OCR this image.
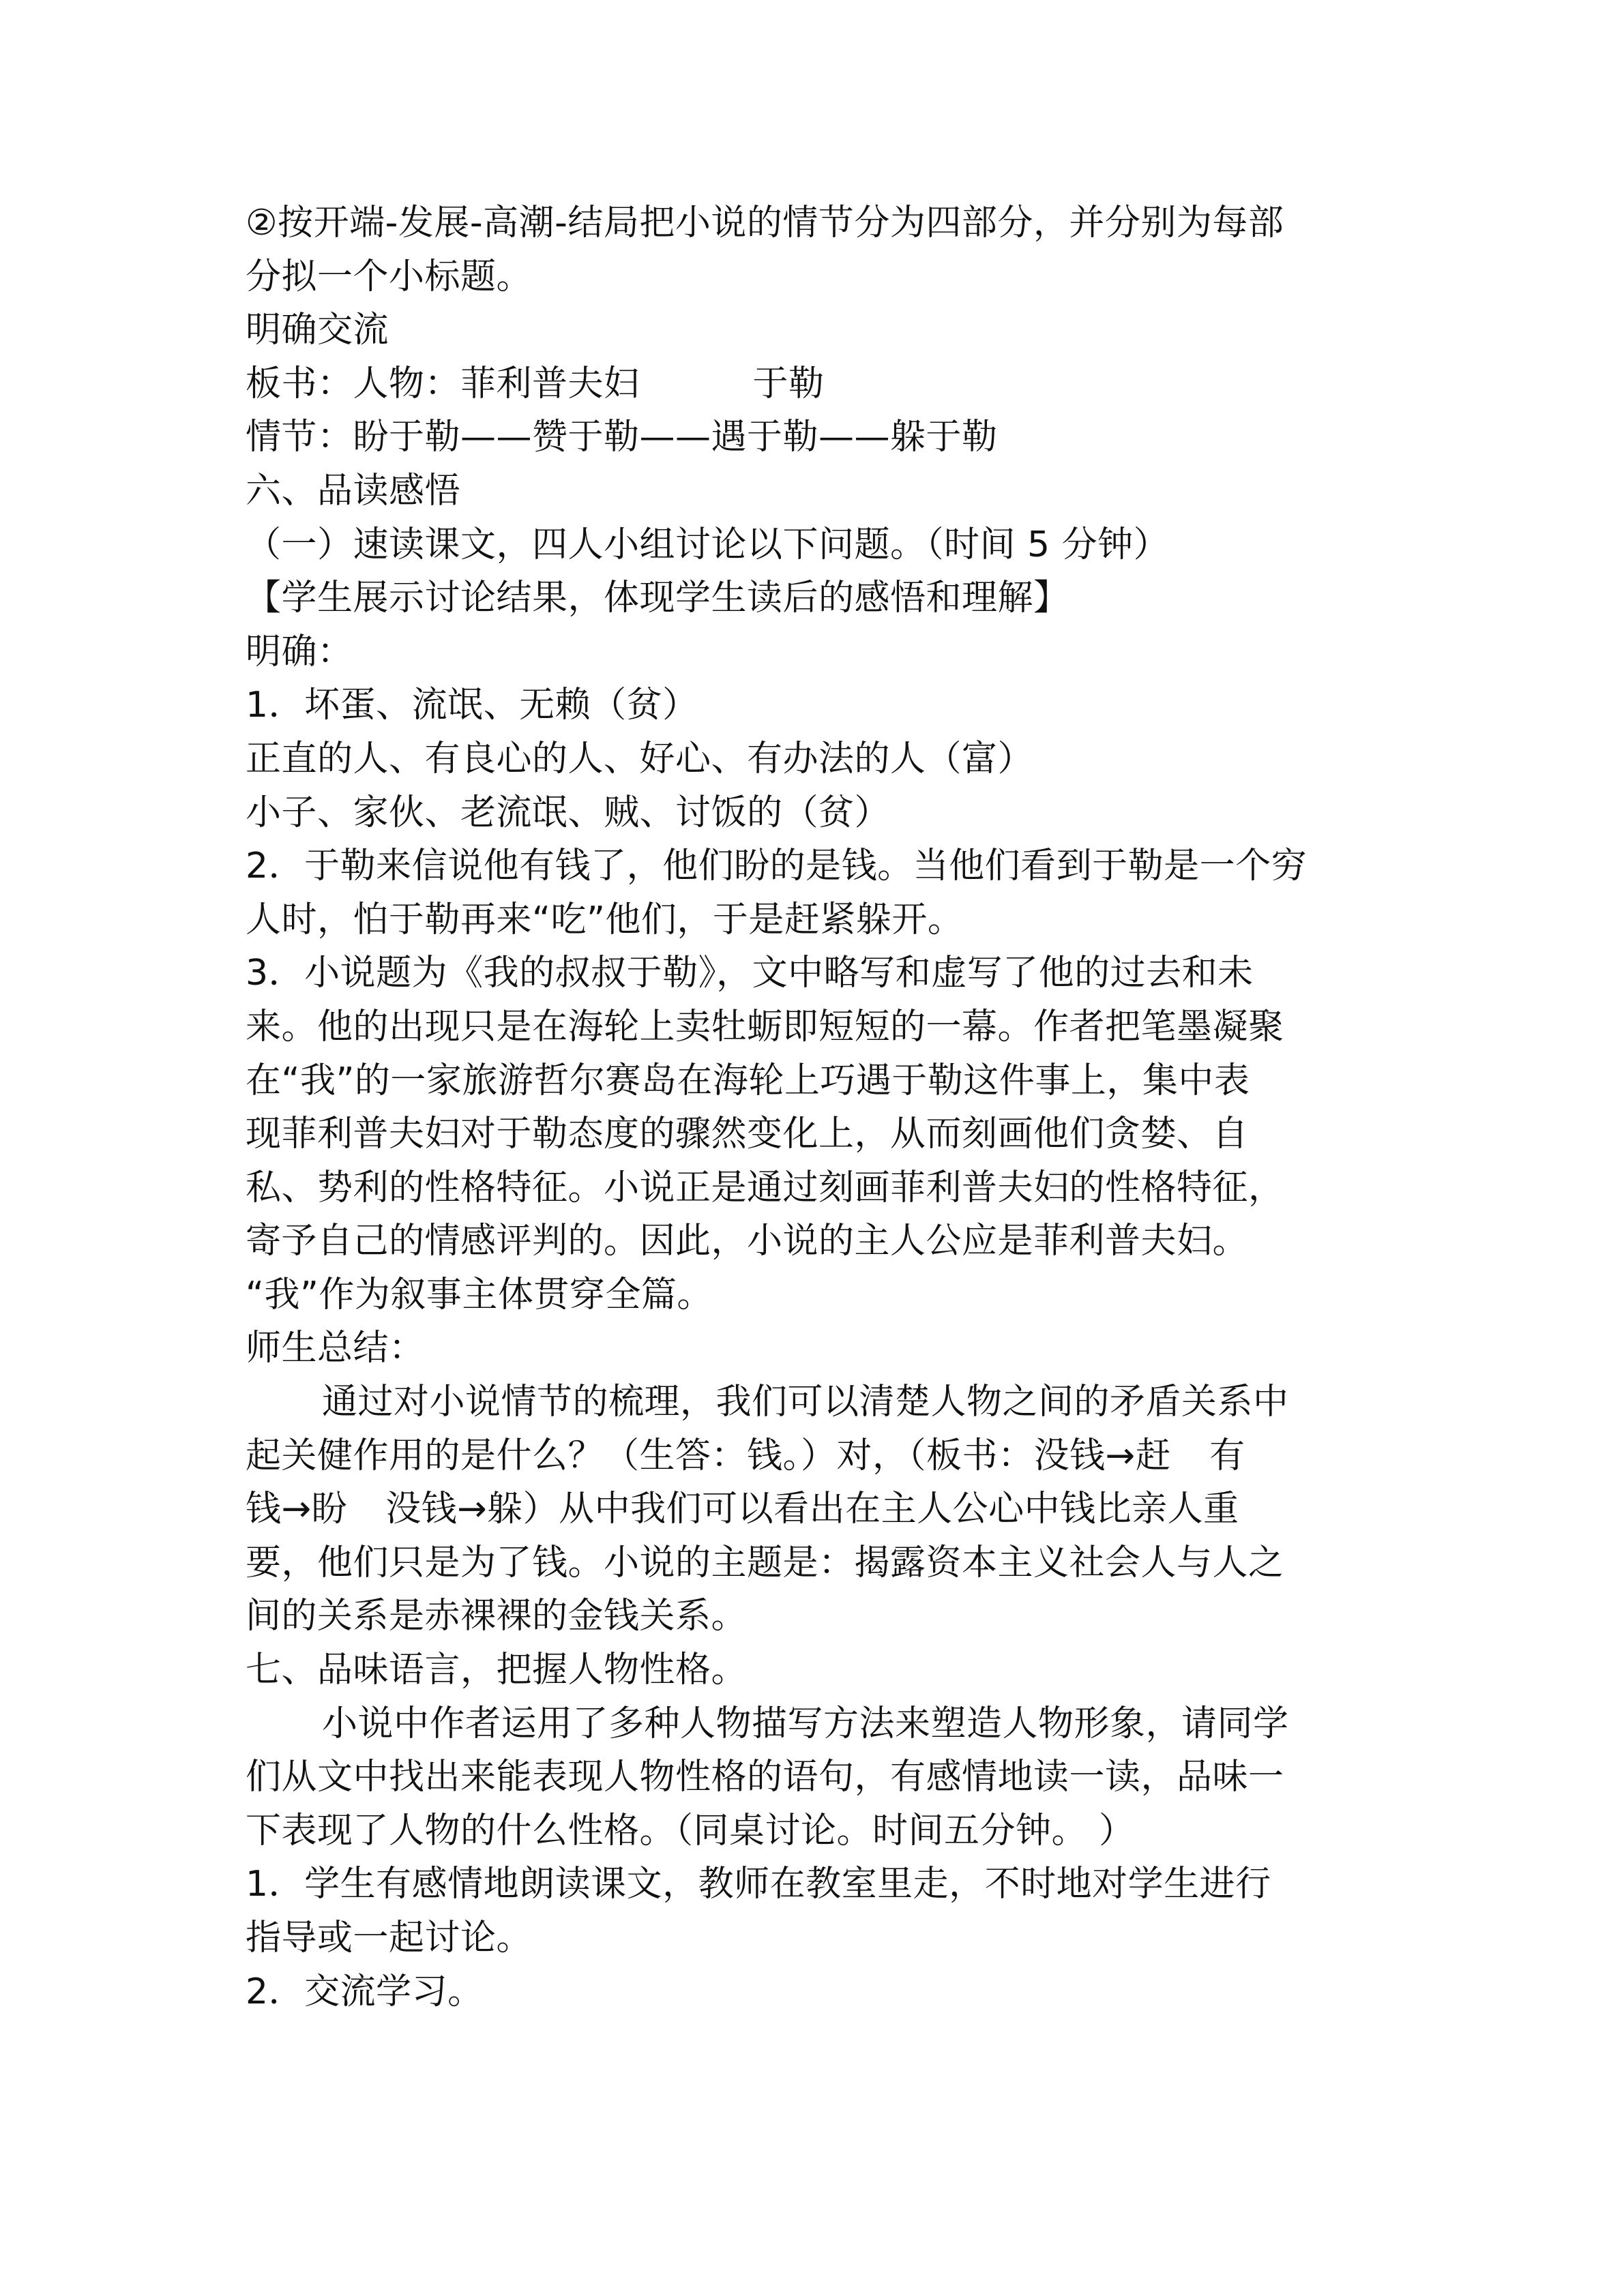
②按开端-发展-高潮-结局把小说的情节分为四部分，并分别为每部
分拟一个小标题。
明确交流
板书：人物：菲利普夫妇	于勒
情节：盼于勒——赞于勒——遇于勒——躲于勒
六、品读感悟
（一）速读课文，四人小组讨论以下问题。（时间 5 分钟）
【学生展示讨论结果，体现学生读后的感悟和理解】
明确：
1．坏蛋、流氓、无赖（贫）
正直的人、有良心的人、好心、有办法的人（富）
小子、家伙、老流氓、贼、讨饭的（贫）
2．于勒来信说他有钱了，他们盼的是钱。当他们看到于勒是一个穷
人时，怕于勒再来“吃”他们，于是赶紧躲开。
3．小说题为《我的叔叔于勒》，文中略写和虚写了他的过去和未
来。他的出现只是在海轮上卖牡蛎即短短的一幕。作者把笔墨凝聚
在“我”的一家旅游哲尔赛岛在海轮上巧遇于勒这件事上，集中表
现菲利普夫妇对于勒态度的骤然变化上，从而刻画他们贪婪、自
私、势利的性格特征。小说正是通过刻画菲利普夫妇的性格特征，
寄予自己的情感评判的。因此，小说的主人公应是菲利普夫妇。
“我”作为叙事主体贯穿全篇。
师生总结：
通过对小说情节的梳理，我们可以清楚人物之间的矛盾关系中
起关健作用的是什么？（生答：钱。）对，（板书：没钱→赶 有
钱→盼 没钱→躲）从中我们可以看出在主人公心中钱比亲人重
要，他们只是为了钱。小说的主题是：揭露资本主义社会人与人之
间的关系是赤裸裸的金钱关系。
七、品味语言，把握人物性格。
小说中作者运用了多种人物描写方法来塑造人物形象，请同学
们从文中找出来能表现人物性格的语句，有感情地读一读，品味一
下表现了人物的什么性格。（同桌讨论。时间五分钟。 ）
1．学生有感情地朗读课文，教师在教室里走，不时地对学生进行
指导或一起讨论。
2．交流学习。
